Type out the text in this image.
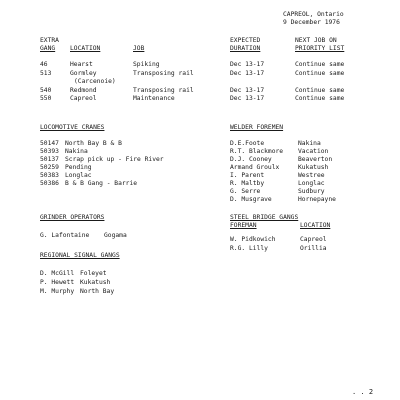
CAPREOL, Ontario
9 December 1976
EXTRA
GANG LOCATION	JOB
EXPECTED
DURATION
NEXT JOB ON
PRIORITY LIST
46	Hearst	Spiking	Dec 13-17	Continue same
513	Gormley	Transposing rail	Dec 13-17	Continue same
(Carcenoie)
540	Redmond	Transposing rail	Dec 13-17	Continue same
550	Capreol	Maintenance	Dec 13-17	Continue same
LOCOMOTIVE CRANES
50147 North Bay B & B
50393 Nakina
50137 Scrap pick up - Fire River
50259 Pending
50383 Longlac
50386 B & B Gang - Barrie
WELDER FOREMEN
D.E.Foote	Nakina
R.T. Blackmore Vacation
D.J. Cooney	Beaverton
Armand Groulx	Kukatush
I. Parent	Westree
R. Maltby	Longlac
G. Serre	Sudbury
D. Musgrave	Hornepayne
GRINDER OPERATORS
G. Lafontaine Gogama
STEEL BRIDGE GANGS
FOREMAN	LOCATION
W. Pidkowich	Capreol
R.G. Lilly	Orillia
REGIONAL SIGNAL GANGS
D. McGill Foleyet
P. Hewett Kukatush
M. Murphy North Bay
. . 2
